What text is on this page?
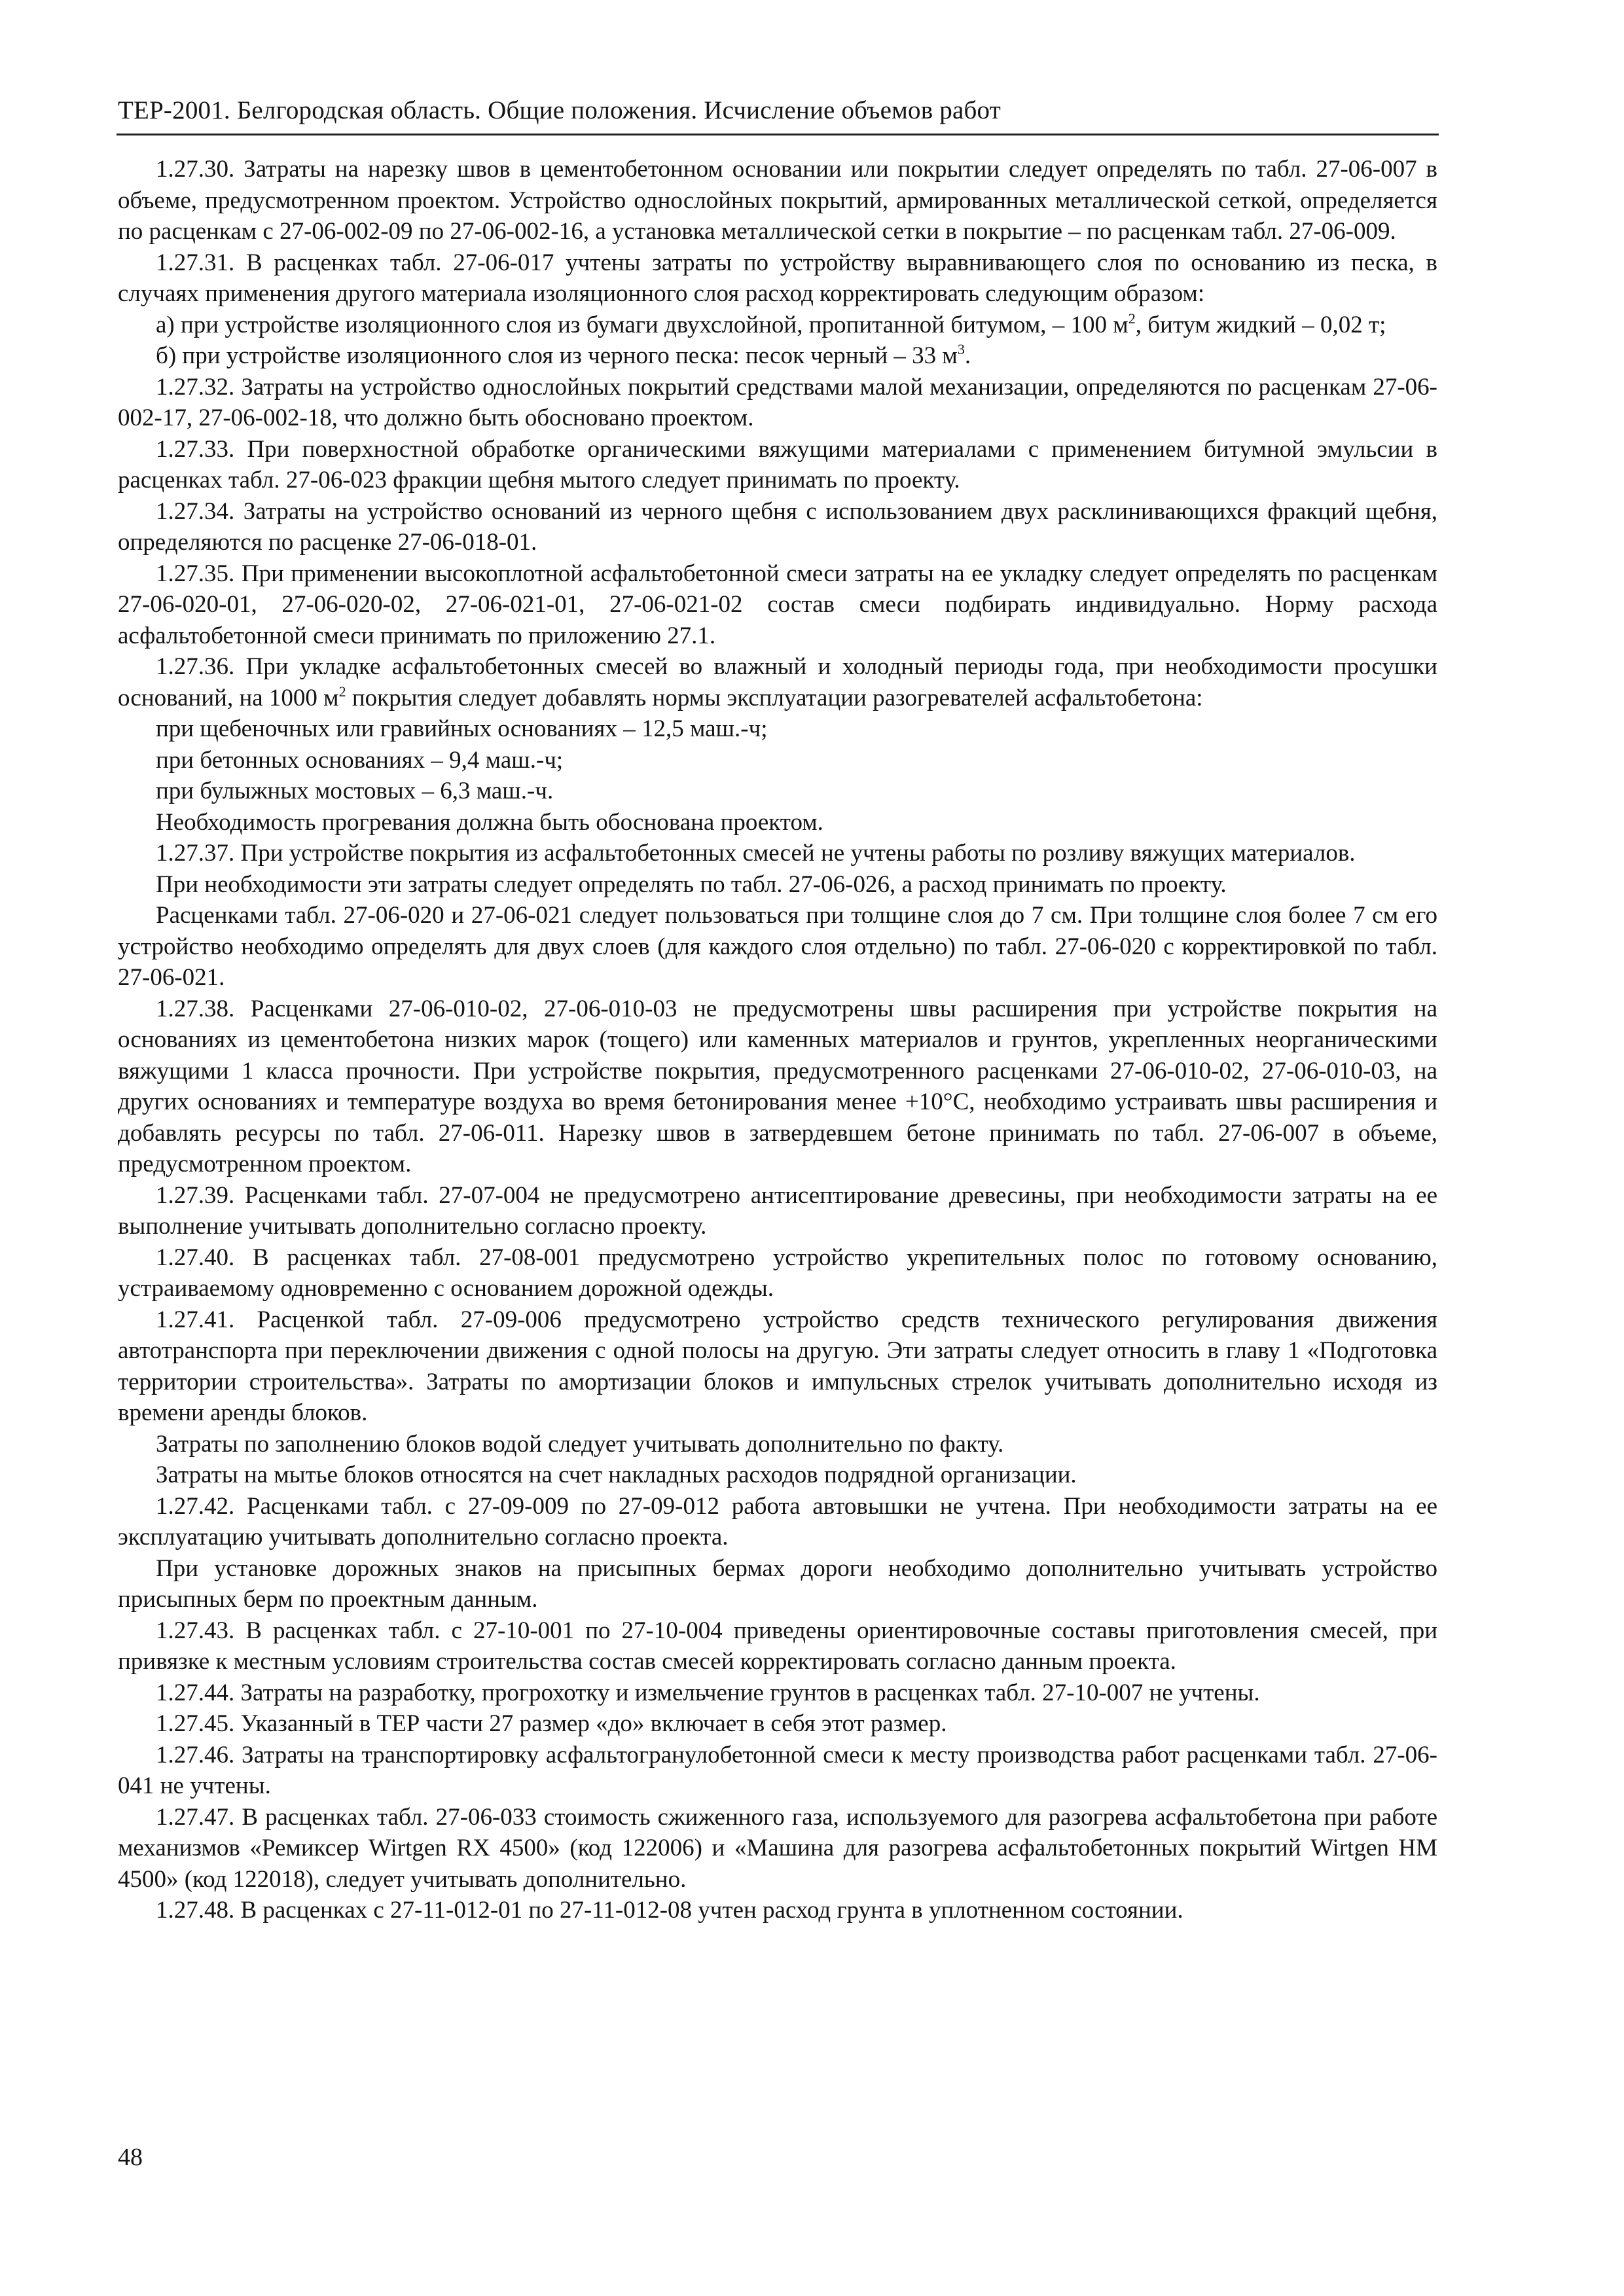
ТЕР-2001. Белгородская область. Общие положения. Исчисление объемов работ

1.27.30. Затраты на нарезку швов в цементобетонном основании или покрытии следует определять по табл. 27-06-007 в объеме, предусмотренном проектом. Устройство однослойных покрытий, армированных металлической сеткой, определяется по расценкам с 27-06-002-09 по 27-06-002-16, а установка металлической сетки в покрытие – по расценкам табл. 27-06-009.

1.27.31. В расценках табл. 27-06-017 учтены затраты по устройству выравнивающего слоя по основанию из песка, в случаях применения другого материала изоляционного слоя расход корректировать следующим образом:

а) при устройстве изоляционного слоя из бумаги двухслойной, пропитанной битумом, – 100 $м^2$, битум жидкий – 0,02 т;

б) при устройстве изоляционного слоя из черного песка: песок черный – 33 $м^3$.

1.27.32. Затраты на устройство однослойных покрытий средствами малой механизации, определяются по расценкам 27-06-002-17, 27-06-002-18, что должно быть обосновано проектом.

1.27.33. При поверхностной обработке органическими вяжущими материалами с применением битумной эмульсии в расценках табл. 27-06-023 фракции щебня мытого следует принимать по проекту.

1.27.34. Затраты на устройство оснований из черного щебня с использованием двух расклинивающихся фракций щебня, определяются по расценке 27-06-018-01.

1.27.35. При применении высокоплотной асфальтобетонной смеси затраты на ее укладку следует определять по расценкам 27-06-020-01, 27-06-020-02, 27-06-021-01, 27-06-021-02 состав смеси подбирать индивидуально. Норму расхода асфальтобетонной смеси принимать по приложению 27.1.

1.27.36. При укладке асфальтобетонных смесей во влажный и холодный периоды года, при необходимости просушки оснований, на 1000 $м^2$ покрытия следует добавлять нормы эксплуатации разогревателей асфальтобетона:

при щебеночных или гравийных основаниях – 12,5 маш.-ч;

при бетонных основаниях – 9,4 маш.-ч;

при булыжных мостовых – 6,3 маш.-ч.

Необходимость прогревания должна быть обоснована проектом.

1.27.37. При устройстве покрытия из асфальтобетонных смесей не учтены работы по розливу вяжущих материалов.

При необходимости эти затраты следует определять по табл. 27-06-026, а расход принимать по проекту.

Расценками табл. 27-06-020 и 27-06-021 следует пользоваться при толщине слоя до 7 см. При толщине слоя более 7 см его устройство необходимо определять для двух слоев (для каждого слоя отдельно) по табл. 27-06-020 с корректировкой по табл. 27-06-021.

1.27.38. Расценками 27-06-010-02, 27-06-010-03 не предусмотрены швы расширения при устройстве покрытия на основаниях из цементобетона низких марок (тощего) или каменных материалов и грунтов, укрепленных неорганическими вяжущими 1 класса прочности. При устройстве покрытия, предусмотренного расценками 27-06-010-02, 27-06-010-03, на других основаниях и температуре воздуха во время бетонирования менее +10°С, необходимо устраивать швы расширения и добавлять ресурсы по табл. 27-06-011. Нарезку швов в затвердевшем бетоне принимать по табл. 27-06-007 в объеме, предусмотренном проектом.

1.27.39. Расценками табл. 27-07-004 не предусмотрено антисептирование древесины, при необходимости затраты на ее выполнение учитывать дополнительно согласно проекту.

1.27.40. В расценках табл. 27-08-001 предусмотрено устройство укрепительных полос по готовому основанию, устраиваемому одновременно с основанием дорожной одежды.

1.27.41. Расценкой табл. 27-09-006 предусмотрено устройство средств технического регулирования движения автотранспорта при переключении движения с одной полосы на другую. Эти затраты следует относить в главу 1 «Подготовка территории строительства». Затраты по амортизации блоков и импульсных стрелок учитывать дополнительно исходя из времени аренды блоков.

Затраты по заполнению блоков водой следует учитывать дополнительно по факту.

Затраты на мытье блоков относятся на счет накладных расходов подрядной организации.

1.27.42. Расценками табл. с 27-09-009 по 27-09-012 работа автовышки не учтена. При необходимости затраты на ее эксплуатацию учитывать дополнительно согласно проекта.

При установке дорожных знаков на присыпных бермах дороги необходимо дополнительно учитывать устройство присыпных берм по проектным данным.

1.27.43. В расценках табл. с 27-10-001 по 27-10-004 приведены ориентировочные составы приготовления смесей, при привязке к местным условиям строительства состав смесей корректировать согласно данным проекта.

1.27.44. Затраты на разработку, прогрохотку и измельчение грунтов в расценках табл. 27-10-007 не учтены.

1.27.45. Указанный в ТЕР части 27 размер «до» включает в себя этот размер.

1.27.46. Затраты на транспортировку асфальтогранулобетонной смеси к месту производства работ расценками табл. 27-06-041 не учтены.

1.27.47. В расценках табл. 27-06-033 стоимость сжиженного газа, используемого для разогрева асфальтобетона при работе механизмов «Ремиксер Wirtgen RX 4500» (код 122006) и «Машина для разогрева асфальтобетонных покрытий Wirtgen HM 4500» (код 122018), следует учитывать дополнительно.

1.27.48. В расценках с 27-11-012-01 по 27-11-012-08 учтен расход грунта в уплотненном состоянии.

48
